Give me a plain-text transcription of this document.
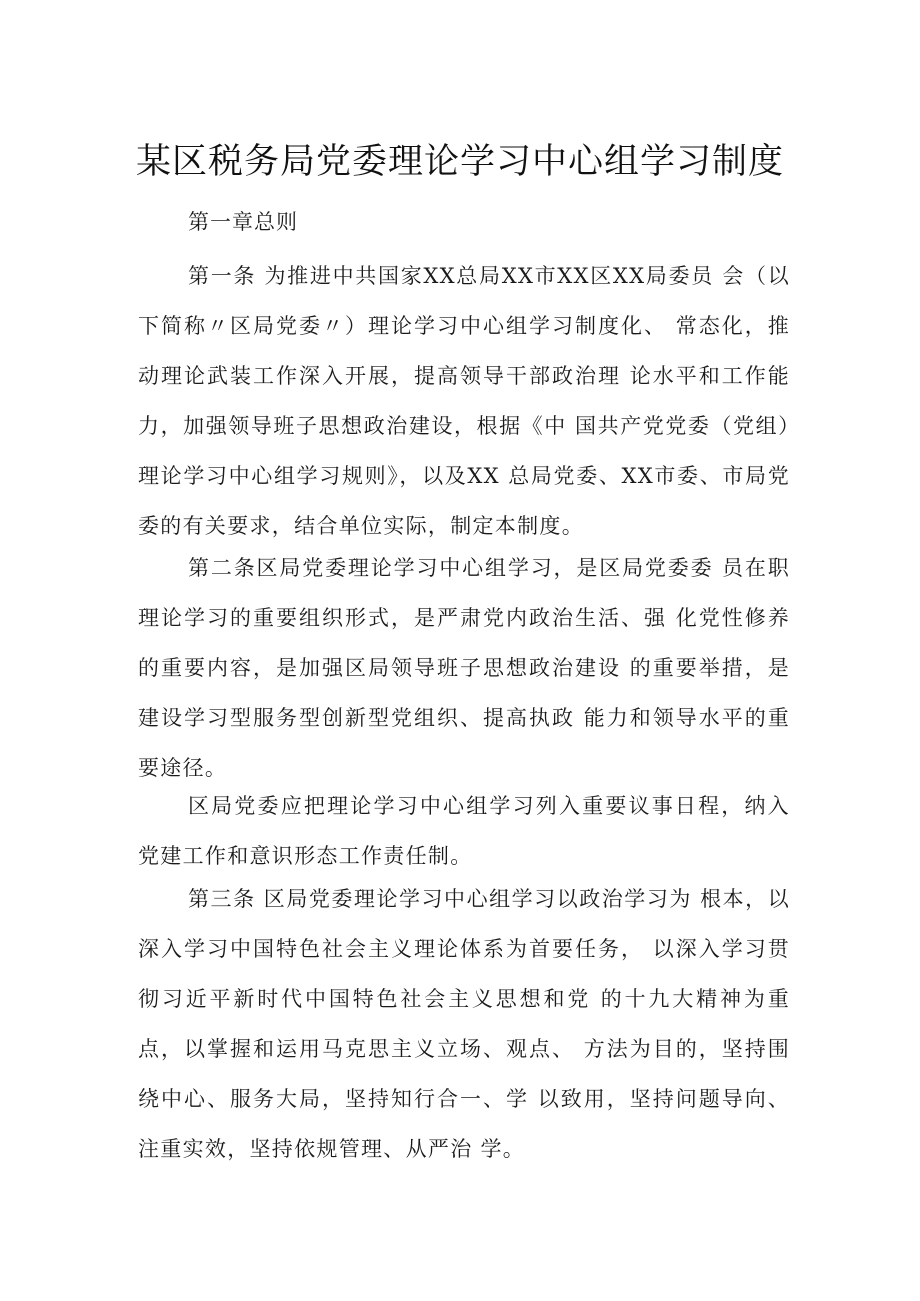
某区税务局党委理论学习中心组学习制度

第一章总则

第一条 为推进中共国家XX总局XX市XX区XX局委员 会（以下简称〃区局党委〃）理论学习中心组学习制度化、 常态化，推动理论武装工作深入开展，提高领导干部政治理 论水平和工作能力，加强领导班子思想政治建设，根据《中 国共产党党委（党组）理论学习中心组学习规则》，以及XX 总局党委、XX市委、市局党委的有关要求，结合单位实际，制定本制度。

第二条区局党委理论学习中心组学习，是区局党委委 员在职理论学习的重要组织形式，是严肃党内政治生活、强 化党性修养的重要内容，是加强区局领导班子思想政治建设 的重要举措，是建设学习型服务型创新型党组织、提高执政 能力和领导水平的重要途径。

区局党委应把理论学习中心组学习列入重要议事日程，纳入党建工作和意识形态工作责任制。

第三条 区局党委理论学习中心组学习以政治学习为 根本，以深入学习中国特色社会主义理论体系为首要任务， 以深入学习贯彻习近平新时代中国特色社会主义思想和党 的十九大精神为重点，以掌握和运用马克思主义立场、观点、 方法为目的，坚持围绕中心、服务大局，坚持知行合一、学 以致用，坚持问题导向、注重实效，坚持依规管理、从严治 学。
